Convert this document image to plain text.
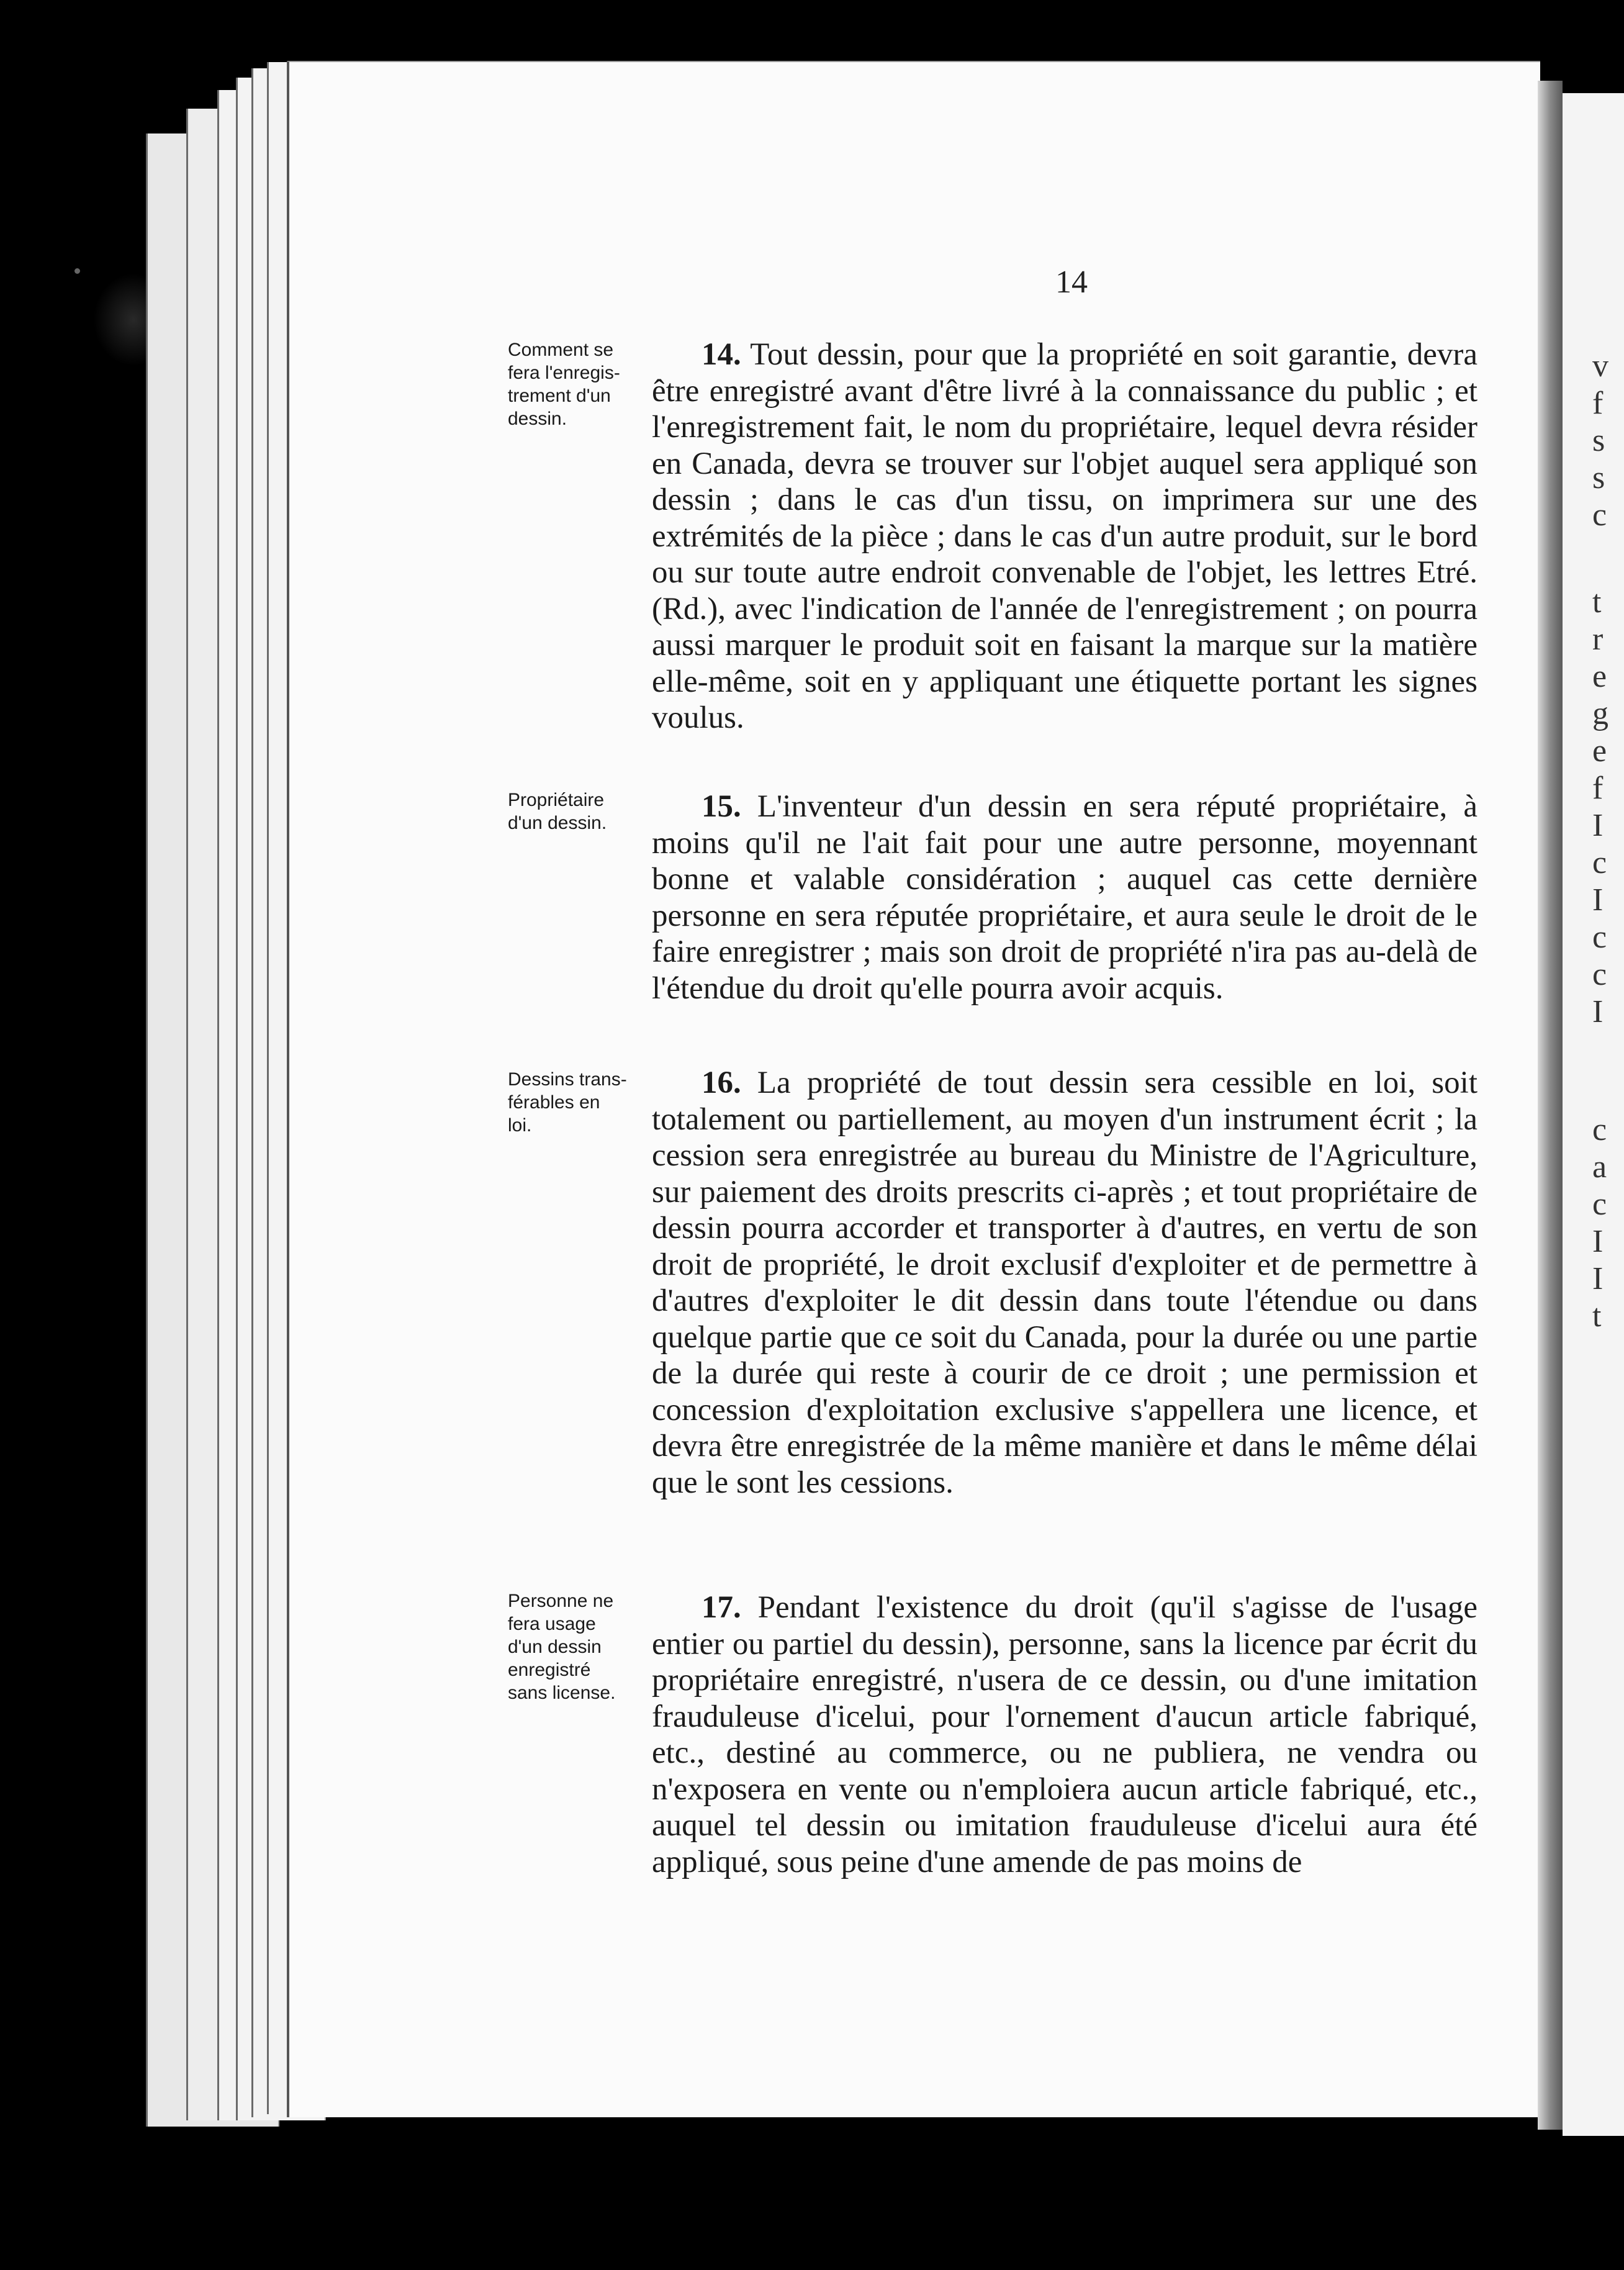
v
f
s
s
c
t
r
e
g
e
f
I
c
I
c
c
I
c
a
c
I
I
t
14
Comment se
fera l'enregis-
trement d'un
dessin.

14. Tout dessin, pour que la propriété en soit garantie, devra être enregistré avant d'être livré à la connaissance du public ; et l'enregistrement fait, le nom du propriétaire, lequel devra résider en Canada, devra se trouver sur l'objet auquel sera appliqué son dessin ; dans le cas d'un tissu, on imprimera sur une des extrémités de la pièce ; dans le cas d'un autre produit, sur le bord ou sur toute autre endroit convenable de l'objet, les lettres Etré. (Rd.), avec l'indication de l'année de l'enregistrement ; on pourra aussi marquer le produit soit en faisant la marque sur la matière elle-même, soit en y appliquant une étiquette portant les signes voulus.

Propriétaire
d'un dessin.	15. L'inventeur d'un dessin en sera réputé propriétaire, à moins qu'il ne l'ait fait pour une autre personne, moyennant bonne et valable considération ; auquel cas cette dernière personne en sera réputée propriétaire, et aura seule le droit de le faire enregistrer ; mais son droit de propriété n'ira pas au-delà de l'étendue du droit qu'elle pourra avoir acquis.

Dessins trans-
férables en
loi.

16. La propriété de tout dessin sera cessible en loi, soit totalement ou partiellement, au moyen d'un instrument écrit ; la cession sera enregistrée au bureau du Ministre de l'Agriculture, sur paiement des droits prescrits ci-après ; et tout propriétaire de dessin pourra accorder et transporter à d'autres, en vertu de son droit de propriété, le droit exclusif d'exploiter et de permettre à d'autres d'exploiter le dit dessin dans toute l'étendue ou dans quelque partie que ce soit du Canada, pour la durée ou une partie de la durée qui reste à courir de ce droit ; une permission et concession d'exploitation exclusive s'appellera une licence, et devra être enregistrée de la même manière et dans le même délai que le sont les cessions.

Personne ne
fera usage
d'un dessin
enregistré
sans license.

17. Pendant l'existence du droit (qu'il s'agisse de l'usage entier ou partiel du dessin), personne, sans la licence par écrit du propriétaire enregistré, n'usera de ce dessin, ou d'une imitation frauduleuse d'icelui, pour l'ornement d'aucun article fabriqué, etc., destiné au commerce, ou ne publiera, ne vendra ou n'exposera en vente ou n'emploiera aucun article fabriqué, etc., auquel tel dessin ou imitation frauduleuse d'icelui aura été appliqué, sous peine d'une amende de pas moins de
